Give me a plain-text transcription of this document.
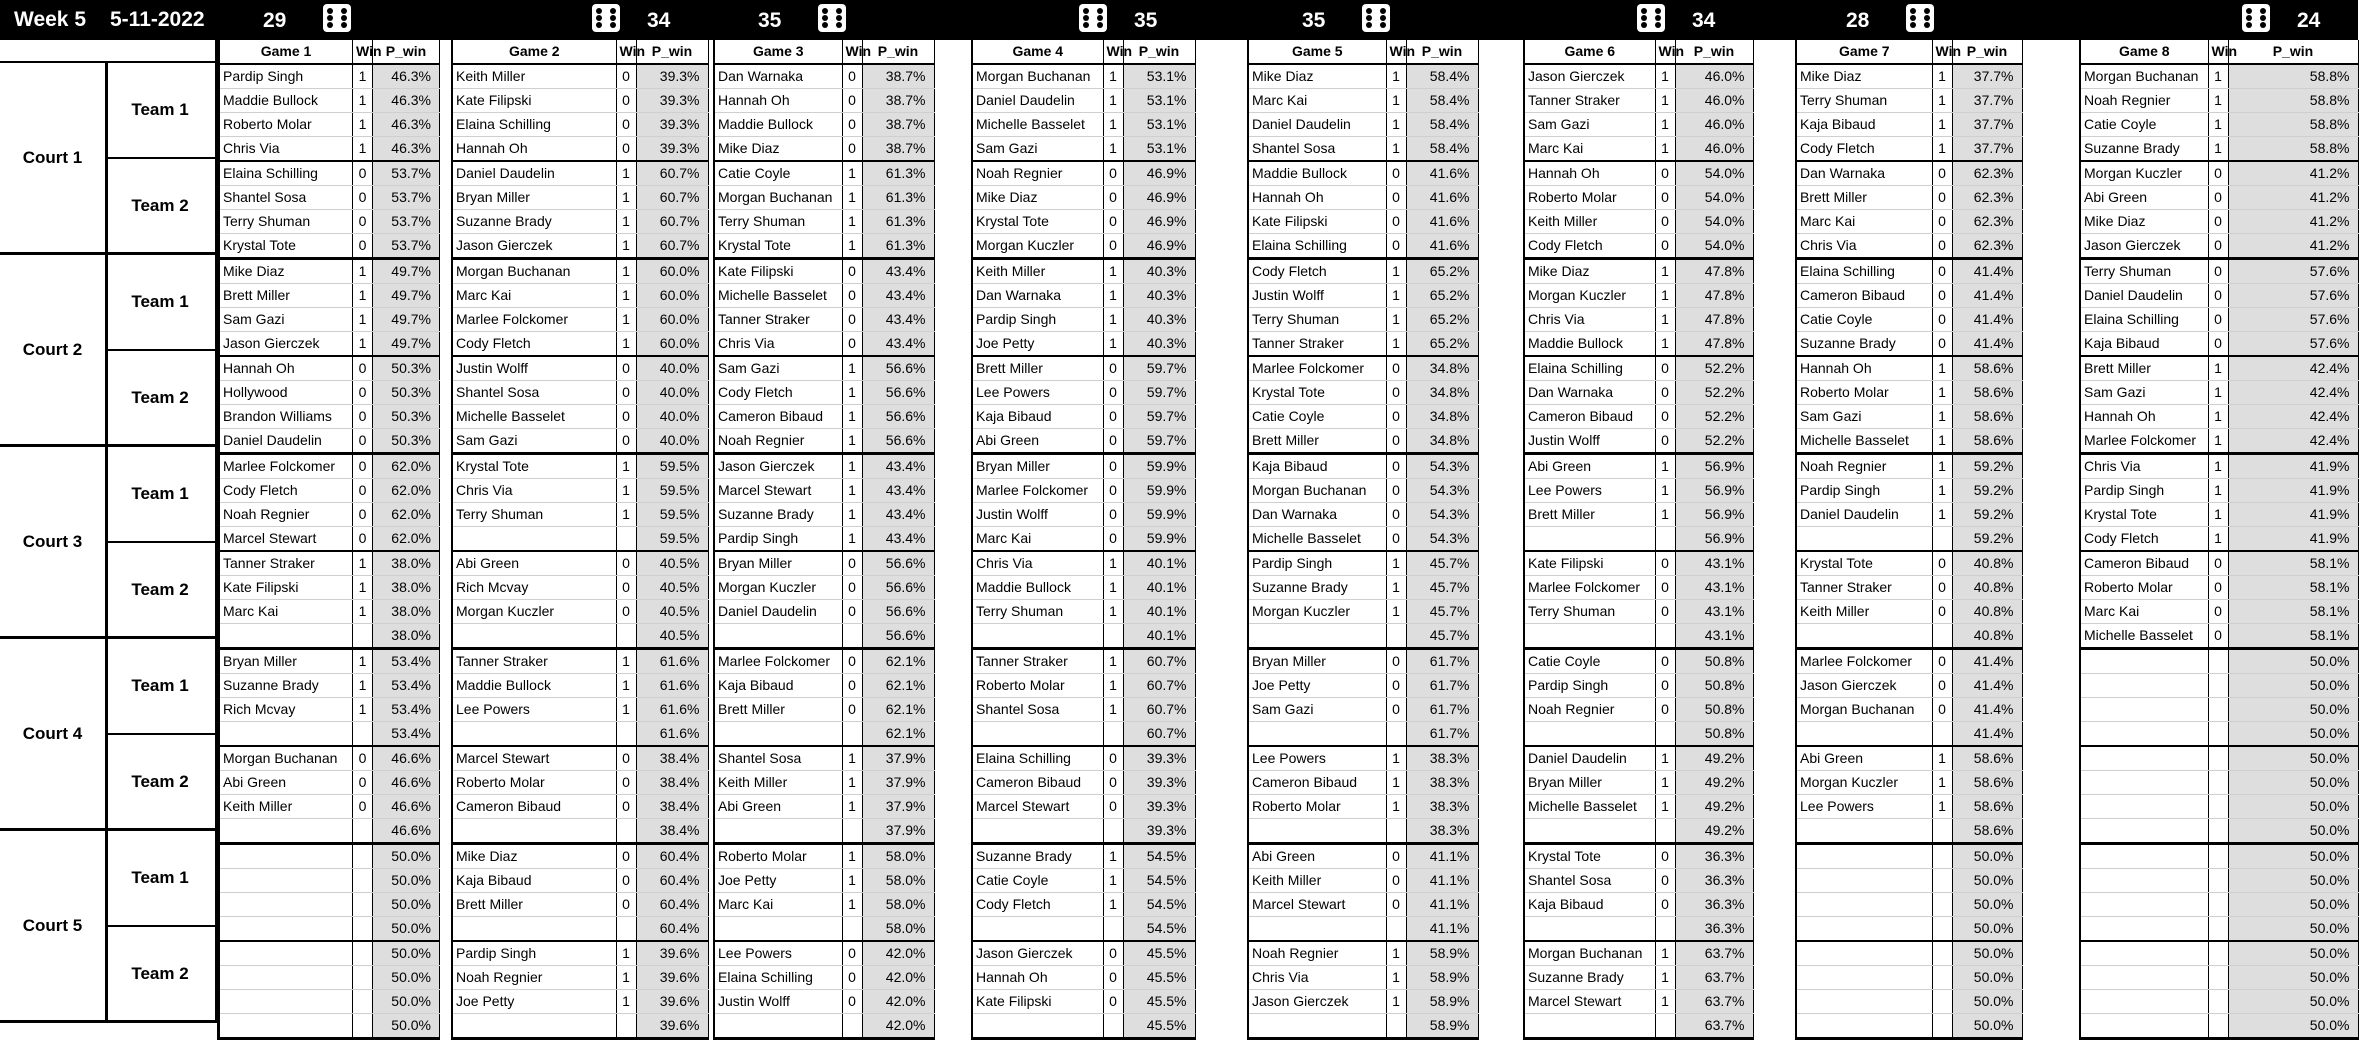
Week 5 5-11-2022
Court 1
Team 1
Team 2
Court 2
Team 1
Team 2
Court 3
Team 1
Team 2
Court 4
Team 1
Team 2
Court 5
Team 1
Team 2
Game 1	Win	P_win
Pardip Singh	1	46.3%
Maddie Bullock	1	46.3%
Roberto Molar	1	46.3%
Chris Via	1	46.3%
Elaina Schilling	0	53.7%
Shantel Sosa	0	53.7%
Terry Shuman	0	53.7%
Krystal Tote	0	53.7%
Mike Diaz	1	49.7%
Brett Miller	1	49.7%
Sam Gazi	1	49.7%
Jason Gierczek	1	49.7%
Hannah Oh	0	50.3%
Hollywood	0	50.3%
Brandon Williams	0	50.3%
Daniel Daudelin	0	50.3%
Marlee Folckomer	0	62.0%
Cody Fletch	0	62.0%
Noah Regnier	0	62.0%
Marcel Stewart	0	62.0%
Tanner Straker	1	38.0%
Kate Filipski	1	38.0%
Marc Kai	1	38.0%
		38.0%
Bryan Miller	1	53.4%
Suzanne Brady	1	53.4%
Rich Mcvay	1	53.4%
		53.4%
Morgan Buchanan	0	46.6%
Abi Green	0	46.6%
Keith Miller	0	46.6%
		46.6%
		50.0%
		50.0%
		50.0%
		50.0%
		50.0%
		50.0%
		50.0%
		50.0%
Game 2	Win	P_win
Keith Miller	0	39.3%
Kate Filipski	0	39.3%
Elaina Schilling	0	39.3%
Hannah Oh	0	39.3%
Daniel Daudelin	1	60.7%
Bryan Miller	1	60.7%
Suzanne Brady	1	60.7%
Jason Gierczek	1	60.7%
Morgan Buchanan	1	60.0%
Marc Kai	1	60.0%
Marlee Folckomer	1	60.0%
Cody Fletch	1	60.0%
Justin Wolff	0	40.0%
Shantel Sosa	0	40.0%
Michelle Basselet	0	40.0%
Sam Gazi	0	40.0%
Krystal Tote	1	59.5%
Chris Via	1	59.5%
Terry Shuman	1	59.5%
		59.5%
Abi Green	0	40.5%
Rich Mcvay	0	40.5%
Morgan Kuczler	0	40.5%
		40.5%
Tanner Straker	1	61.6%
Maddie Bullock	1	61.6%
Lee Powers	1	61.6%
		61.6%
Marcel Stewart	0	38.4%
Roberto Molar	0	38.4%
Cameron Bibaud	0	38.4%
		38.4%
Mike Diaz	0	60.4%
Kaja Bibaud	0	60.4%
Brett Miller	0	60.4%
		60.4%
Pardip Singh	1	39.6%
Noah Regnier	1	39.6%
Joe Petty	1	39.6%
		39.6%
Game 3	Win	P_win
Dan Warnaka	0	38.7%
Hannah Oh	0	38.7%
Maddie Bullock	0	38.7%
Mike Diaz	0	38.7%
Catie Coyle	1	61.3%
Morgan Buchanan	1	61.3%
Terry Shuman	1	61.3%
Krystal Tote	1	61.3%
Kate Filipski	0	43.4%
Michelle Basselet	0	43.4%
Tanner Straker	0	43.4%
Chris Via	0	43.4%
Sam Gazi	1	56.6%
Cody Fletch	1	56.6%
Cameron Bibaud	1	56.6%
Noah Regnier	1	56.6%
Jason Gierczek	1	43.4%
Marcel Stewart	1	43.4%
Suzanne Brady	1	43.4%
Pardip Singh	1	43.4%
Bryan Miller	0	56.6%
Morgan Kuczler	0	56.6%
Daniel Daudelin	0	56.6%
		56.6%
Marlee Folckomer	0	62.1%
Kaja Bibaud	0	62.1%
Brett Miller	0	62.1%
		62.1%
Shantel Sosa	1	37.9%
Keith Miller	1	37.9%
Abi Green	1	37.9%
		37.9%
Roberto Molar	1	58.0%
Joe Petty	1	58.0%
Marc Kai	1	58.0%
		58.0%
Lee Powers	0	42.0%
Elaina Schilling	0	42.0%
Justin Wolff	0	42.0%
		42.0%
Game 4	Win	P_win
Morgan Buchanan	1	53.1%
Daniel Daudelin	1	53.1%
Michelle Basselet	1	53.1%
Sam Gazi	1	53.1%
Noah Regnier	0	46.9%
Mike Diaz	0	46.9%
Krystal Tote	0	46.9%
Morgan Kuczler	0	46.9%
Keith Miller	1	40.3%
Dan Warnaka	1	40.3%
Pardip Singh	1	40.3%
Joe Petty	1	40.3%
Brett Miller	0	59.7%
Lee Powers	0	59.7%
Kaja Bibaud	0	59.7%
Abi Green	0	59.7%
Bryan Miller	0	59.9%
Marlee Folckomer	0	59.9%
Justin Wolff	0	59.9%
Marc Kai	0	59.9%
Chris Via	1	40.1%
Maddie Bullock	1	40.1%
Terry Shuman	1	40.1%
		40.1%
Tanner Straker	1	60.7%
Roberto Molar	1	60.7%
Shantel Sosa	1	60.7%
		60.7%
Elaina Schilling	0	39.3%
Cameron Bibaud	0	39.3%
Marcel Stewart	0	39.3%
		39.3%
Suzanne Brady	1	54.5%
Catie Coyle	1	54.5%
Cody Fletch	1	54.5%
		54.5%
Jason Gierczek	0	45.5%
Hannah Oh	0	45.5%
Kate Filipski	0	45.5%
		45.5%
Game 5	Win	P_win
Mike Diaz	1	58.4%
Marc Kai	1	58.4%
Daniel Daudelin	1	58.4%
Shantel Sosa	1	58.4%
Maddie Bullock	0	41.6%
Hannah Oh	0	41.6%
Kate Filipski	0	41.6%
Elaina Schilling	0	41.6%
Cody Fletch	1	65.2%
Justin Wolff	1	65.2%
Terry Shuman	1	65.2%
Tanner Straker	1	65.2%
Marlee Folckomer	0	34.8%
Krystal Tote	0	34.8%
Catie Coyle	0	34.8%
Brett Miller	0	34.8%
Kaja Bibaud	0	54.3%
Morgan Buchanan	0	54.3%
Dan Warnaka	0	54.3%
Michelle Basselet	0	54.3%
Pardip Singh	1	45.7%
Suzanne Brady	1	45.7%
Morgan Kuczler	1	45.7%
		45.7%
Bryan Miller	0	61.7%
Joe Petty	0	61.7%
Sam Gazi	0	61.7%
		61.7%
Lee Powers	1	38.3%
Cameron Bibaud	1	38.3%
Roberto Molar	1	38.3%
		38.3%
Abi Green	0	41.1%
Keith Miller	0	41.1%
Marcel Stewart	0	41.1%
		41.1%
Noah Regnier	1	58.9%
Chris Via	1	58.9%
Jason Gierczek	1	58.9%
		58.9%
Game 6	Win	P_win
Jason Gierczek	1	46.0%
Tanner Straker	1	46.0%
Sam Gazi	1	46.0%
Marc Kai	1	46.0%
Hannah Oh	0	54.0%
Roberto Molar	0	54.0%
Keith Miller	0	54.0%
Cody Fletch	0	54.0%
Mike Diaz	1	47.8%
Morgan Kuczler	1	47.8%
Chris Via	1	47.8%
Maddie Bullock	1	47.8%
Elaina Schilling	0	52.2%
Dan Warnaka	0	52.2%
Cameron Bibaud	0	52.2%
Justin Wolff	0	52.2%
Abi Green	1	56.9%
Lee Powers	1	56.9%
Brett Miller	1	56.9%
		56.9%
Kate Filipski	0	43.1%
Marlee Folckomer	0	43.1%
Terry Shuman	0	43.1%
		43.1%
Catie Coyle	0	50.8%
Pardip Singh	0	50.8%
Noah Regnier	0	50.8%
		50.8%
Daniel Daudelin	1	49.2%
Bryan Miller	1	49.2%
Michelle Basselet	1	49.2%
		49.2%
Krystal Tote	0	36.3%
Shantel Sosa	0	36.3%
Kaja Bibaud	0	36.3%
		36.3%
Morgan Buchanan	1	63.7%
Suzanne Brady	1	63.7%
Marcel Stewart	1	63.7%
		63.7%
Game 7	Win	P_win
Mike Diaz	1	37.7%
Terry Shuman	1	37.7%
Kaja Bibaud	1	37.7%
Cody Fletch	1	37.7%
Dan Warnaka	0	62.3%
Brett Miller	0	62.3%
Marc Kai	0	62.3%
Chris Via	0	62.3%
Elaina Schilling	0	41.4%
Cameron Bibaud	0	41.4%
Catie Coyle	0	41.4%
Suzanne Brady	0	41.4%
Hannah Oh	1	58.6%
Roberto Molar	1	58.6%
Sam Gazi	1	58.6%
Michelle Basselet	1	58.6%
Noah Regnier	1	59.2%
Pardip Singh	1	59.2%
Daniel Daudelin	1	59.2%
		59.2%
Krystal Tote	0	40.8%
Tanner Straker	0	40.8%
Keith Miller	0	40.8%
		40.8%
Marlee Folckomer	0	41.4%
Jason Gierczek	0	41.4%
Morgan Buchanan	0	41.4%
		41.4%
Abi Green	1	58.6%
Morgan Kuczler	1	58.6%
Lee Powers	1	58.6%
		58.6%
		50.0%
		50.0%
		50.0%
		50.0%
		50.0%
		50.0%
		50.0%
		50.0%
Game 8	Win	P_win
Morgan Buchanan	1	58.8%
Noah Regnier	1	58.8%
Catie Coyle	1	58.8%
Suzanne Brady	1	58.8%
Morgan Kuczler	0	41.2%
Abi Green	0	41.2%
Mike Diaz	0	41.2%
Jason Gierczek	0	41.2%
Terry Shuman	0	57.6%
Daniel Daudelin	0	57.6%
Elaina Schilling	0	57.6%
Kaja Bibaud	0	57.6%
Brett Miller	1	42.4%
Sam Gazi	1	42.4%
Hannah Oh	1	42.4%
Marlee Folckomer	1	42.4%
Chris Via	1	41.9%
Pardip Singh	1	41.9%
Krystal Tote	1	41.9%
Cody Fletch	1	41.9%
Cameron Bibaud	0	58.1%
Roberto Molar	0	58.1%
Marc Kai	0	58.1%
Michelle Basselet	0	58.1%
		50.0%
		50.0%
		50.0%
		50.0%
		50.0%
		50.0%
		50.0%
		50.0%
		50.0%
		50.0%
		50.0%
		50.0%
		50.0%
		50.0%
		50.0%
		50.0%
29	34	35	35	35	34	28	24
